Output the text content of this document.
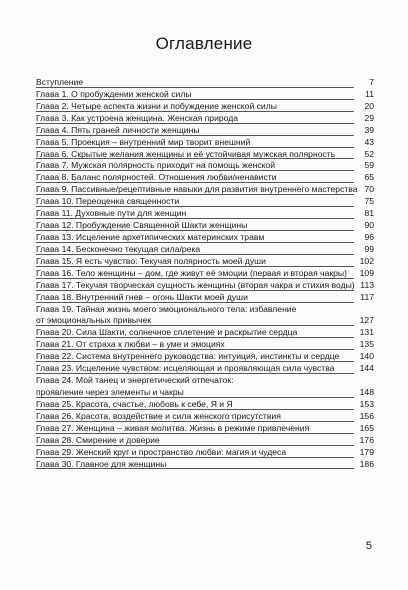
Оглавление
Вступление	7
Глава 1. О пробуждении женской силы	11
Глава 2. Четыре аспекта жизни и побуждение женской силы	20
Глава 3. Как устроена женщина. Женская природа	29
Глава 4. Пять граней личности женщины	39
Глава 5. Проекция – внутренний мир творит внешний	43
Глава 6. Скрытые желания женщины и её устойчивая мужская полярность	52
Глава 7. Мужская полярность приходит на помощь женской	59
Глава 8. Баланс полярностей. Отношения любви/ненависти	65
Глава 9. Пассивные/рецептивные навыки для развития внутреннего мастерства 70
Глава 10. Переоценка священности	75
Глава 11. Духовные пути для женщин	81
Глава 12. Пробуждение Священной Шакти женщины	90
Глава 13. Исцеление архетипических материнских травм	96
Глава 14. Бесконечно текущая сила/река	99
Глава 15. Я есть чувство: Текучая полярность моей души	102
Глава 16. Тело женщины – дом, где живут её эмоции (первая и вторая чакры)	109
Глава 17. Текучая творческая сущность женщины (вторая чакра и стихия воды) 113
Глава 18. Внутренний гнев – огонь Шакти моей души	117
Глава 19. Тайная жизнь моего эмоционального тела: избавление
от эмоциональных привычек	127
Глава 20. Сила Шакти, солнечное сплетение и раскрытие сердца	131
Глава 21. От страха к любви – в уме и эмоциях	135
Глава 22. Система внутреннего руководства: интуиция, инстинкты и сердце	140
Глава 23. Исцеление чувством: исцеляющая и проявляющая сила чувства	144
Глава 24. Мой танец и энергетический отпечаток:
проявление через элементы и чакры	148
Глава 25. Красота, счастье, любовь к себе, Я и Я	153
Глава 26. Красота, воздействие и сила женского присутствия	156
Глава 27. Женщина – живая молитва. Жизнь в режиме привлечения	165
Глава 28. Смирение и доверие	176
Глава 29. Женский круг и пространство любви: магия и чудеса	179
Глава 30. Главное для женщины	186
5
